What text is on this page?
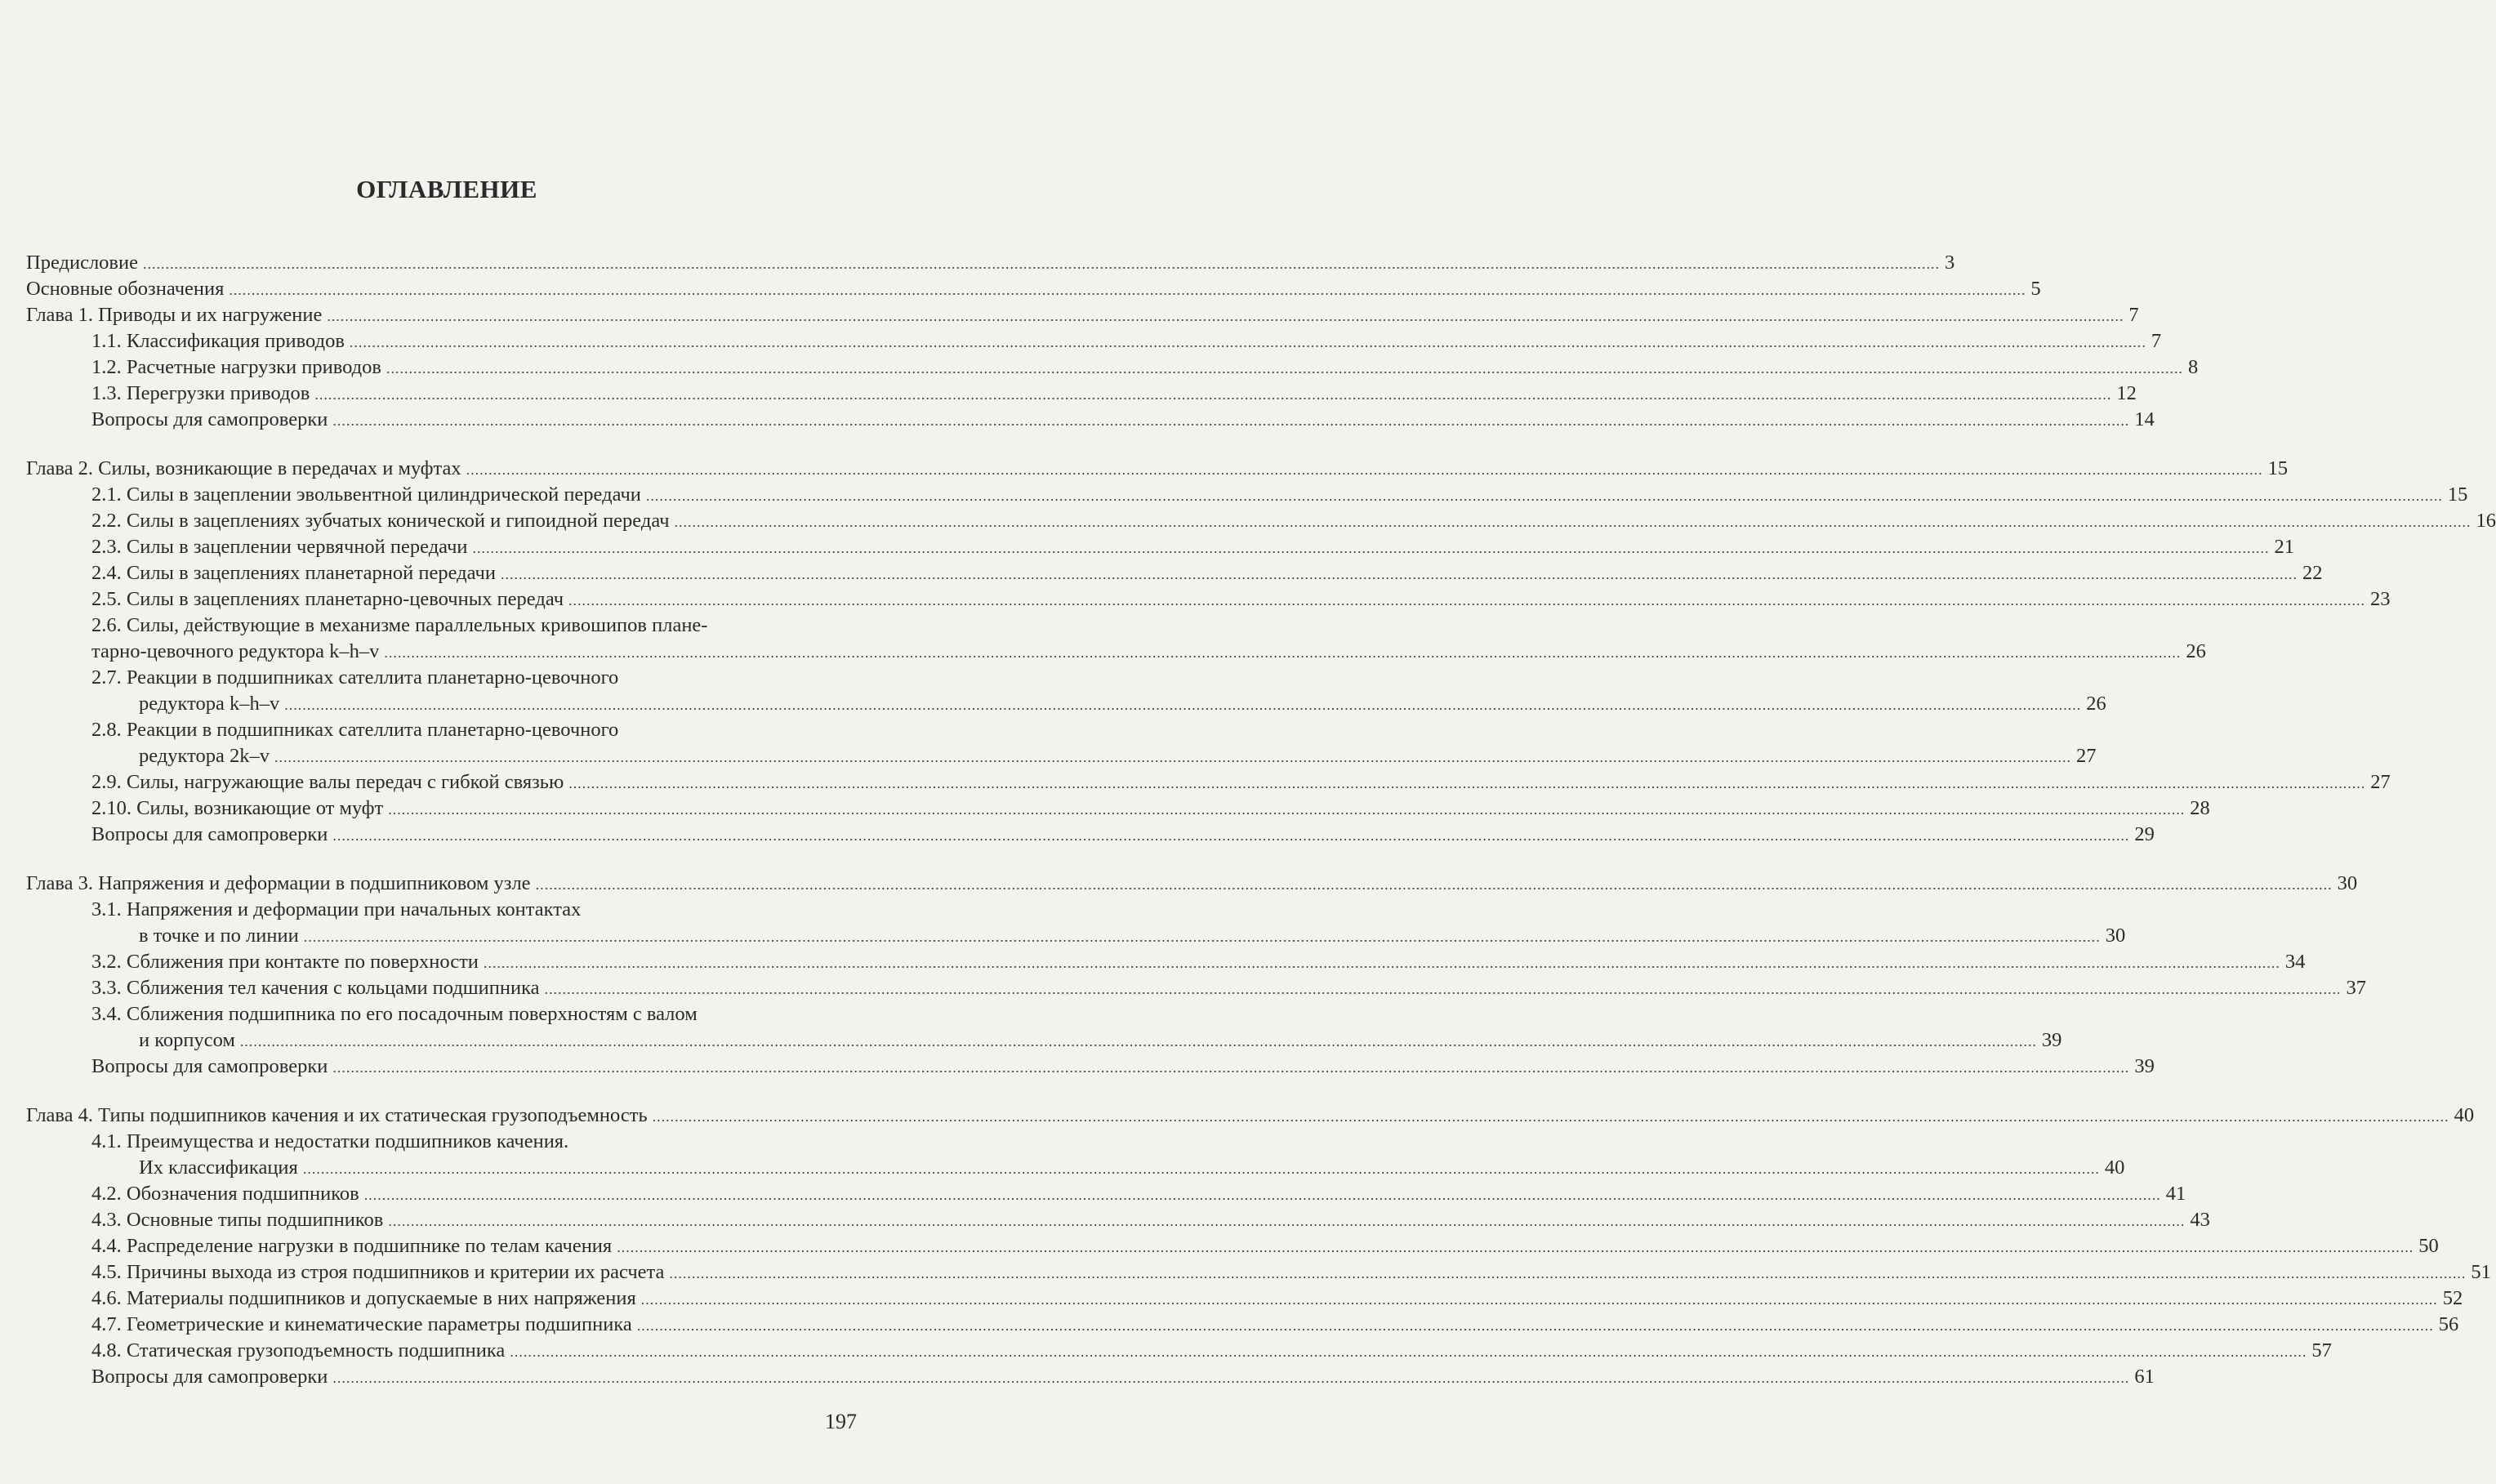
ОГЛАВЛЕНИЕ
Предисловие ................................................................................................................................................................................................................................................................................................................................................................................................................ 3
Основные обозначения ................................................................................................................................................................................................................................................................................................................................................................................................................ 5
Глава 1. Приводы и их нагружение ................................................................................................................................................................................................................................................................................................................................................................................................................ 7
1.1. Классификация приводов ................................................................................................................................................................................................................................................................................................................................................................................................................ 7
1.2. Расчетные нагрузки приводов ................................................................................................................................................................................................................................................................................................................................................................................................................ 8
1.3. Перегрузки приводов ................................................................................................................................................................................................................................................................................................................................................................................................................ 12
Вопросы для самопроверки ................................................................................................................................................................................................................................................................................................................................................................................................................ 14
Глава 2. Силы, возникающие в передачах и муфтах ................................................................................................................................................................................................................................................................................................................................................................................................................ 15
2.1. Силы в зацеплении эвольвентной цилиндрической передачи ................................................................................................................................................................................................................................................................................................................................................................................................................ 15
2.2. Силы в зацеплениях зубчатых конической и гипоидной передач ................................................................................................................................................................................................................................................................................................................................................................................................................ 16
2.3. Силы в зацеплении червячной передачи ................................................................................................................................................................................................................................................................................................................................................................................................................ 21
2.4. Силы в зацеплениях планетарной передачи ................................................................................................................................................................................................................................................................................................................................................................................................................ 22
2.5. Силы в зацеплениях планетарно-цевочных передач ................................................................................................................................................................................................................................................................................................................................................................................................................ 23
2.6. Силы, действующие в механизме параллельных кривошипов плане-
тарно-цевочного редуктора k–h–v ................................................................................................................................................................................................................................................................................................................................................................................................................ 26
2.7. Реакции в подшипниках сателлита планетарно-цевочного
редуктора k–h–v ................................................................................................................................................................................................................................................................................................................................................................................................................ 26
2.8. Реакции в подшипниках сателлита планетарно-цевочного
редуктора 2k–v ................................................................................................................................................................................................................................................................................................................................................................................................................ 27
2.9. Силы, нагружающие валы передач с гибкой связью ................................................................................................................................................................................................................................................................................................................................................................................................................ 27
2.10. Силы, возникающие от муфт ................................................................................................................................................................................................................................................................................................................................................................................................................ 28
Вопросы для самопроверки ................................................................................................................................................................................................................................................................................................................................................................................................................ 29
Глава 3. Напряжения и деформации в подшипниковом узле ................................................................................................................................................................................................................................................................................................................................................................................................................ 30
3.1. Напряжения и деформации при начальных контактах
в точке и по линии ................................................................................................................................................................................................................................................................................................................................................................................................................ 30
3.2. Сближения при контакте по поверхности ................................................................................................................................................................................................................................................................................................................................................................................................................ 34
3.3. Сближения тел качения с кольцами подшипника ................................................................................................................................................................................................................................................................................................................................................................................................................ 37
3.4. Сближения подшипника по его посадочным поверхностям с валом
и корпусом ................................................................................................................................................................................................................................................................................................................................................................................................................ 39
Вопросы для самопроверки ................................................................................................................................................................................................................................................................................................................................................................................................................ 39
Глава 4. Типы подшипников качения и их статическая грузоподъемность ................................................................................................................................................................................................................................................................................................................................................................................................................ 40
4.1. Преимущества и недостатки подшипников качения.
Их классификация ................................................................................................................................................................................................................................................................................................................................................................................................................ 40
4.2. Обозначения подшипников ................................................................................................................................................................................................................................................................................................................................................................................................................ 41
4.3. Основные типы подшипников ................................................................................................................................................................................................................................................................................................................................................................................................................ 43
4.4. Распределение нагрузки в подшипнике по телам качения ................................................................................................................................................................................................................................................................................................................................................................................................................ 50
4.5. Причины выхода из строя подшипников и критерии их расчета ................................................................................................................................................................................................................................................................................................................................................................................................................ 51
4.6. Материалы подшипников и допускаемые в них напряжения ................................................................................................................................................................................................................................................................................................................................................................................................................ 52
4.7. Геометрические и кинематические параметры подшипника ................................................................................................................................................................................................................................................................................................................................................................................................................ 56
4.8. Статическая грузоподъемность подшипника ................................................................................................................................................................................................................................................................................................................................................................................................................ 57
Вопросы для самопроверки ................................................................................................................................................................................................................................................................................................................................................................................................................ 61
197
